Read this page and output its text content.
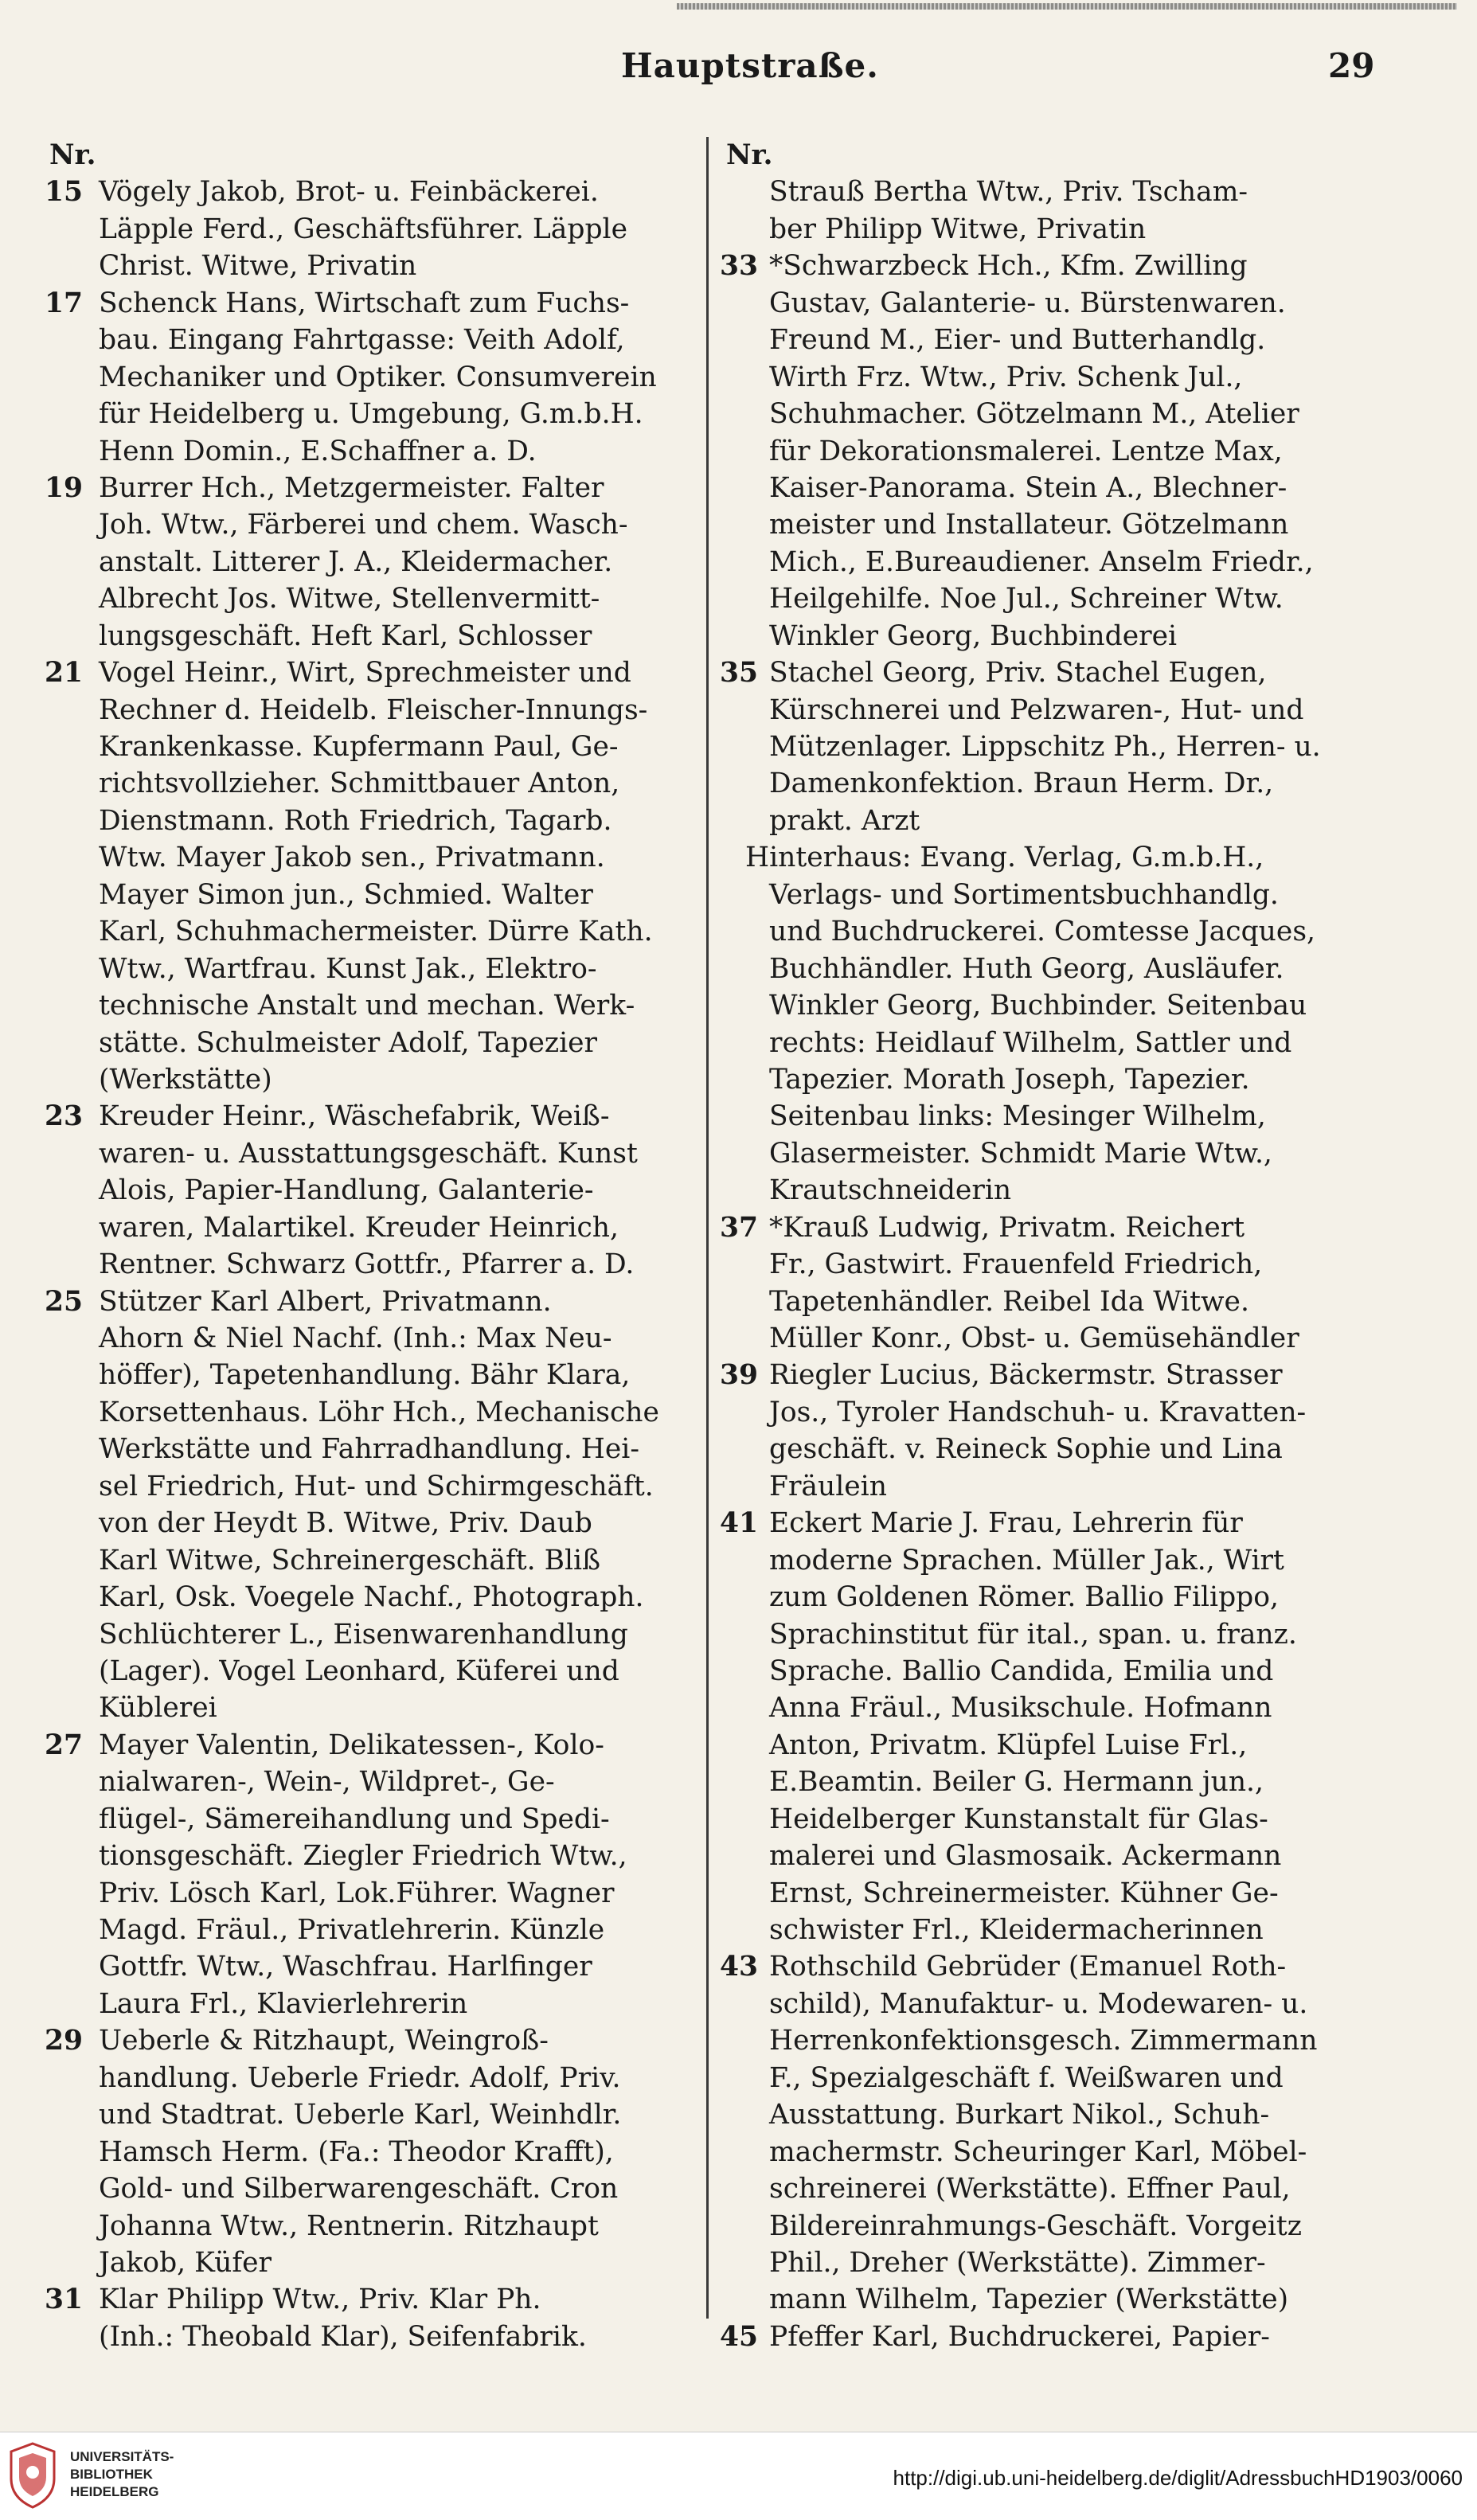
Hauptstraße.	29
Nr.
15 Vögely Jakob, Brot- u. Feinbäckerei.
Läpple Ferd., Geschäftsführer. Läpple
Christ. Witwe, Privatin
17 Schenck Hans, Wirtschaft zum Fuchs-
bau. Eingang Fahrtgasse: Veith Adolf,
Mechaniker und Optiker. Consumverein
für Heidelberg u. Umgebung, G.m.b.H.
Henn Domin., E.Schaffner a. D.
19 Burrer Hch., Metzgermeister. Falter
Joh. Wtw., Färberei und chem. Wasch-
anstalt. Litterer J. A., Kleidermacher.
Albrecht Jos. Witwe, Stellenvermitt-
lungsgeschäft. Heft Karl, Schlosser
21 Vogel Heinr., Wirt, Sprechmeister und
Rechner d. Heidelb. Fleischer-Innungs-
Krankenkasse. Kupfermann Paul, Ge-
richtsvollzieher. Schmittbauer Anton,
Dienstmann. Roth Friedrich, Tagarb.
Wtw. Mayer Jakob sen., Privatmann.
Mayer Simon jun., Schmied. Walter
Karl, Schuhmachermeister. Dürre Kath.
Wtw., Wartfrau. Kunst Jak., Elektro-
technische Anstalt und mechan. Werk-
stätte. Schulmeister Adolf, Tapezier
(Werkstätte)
23 Kreuder Heinr., Wäschefabrik, Weiß-
waren- u. Ausstattungsgeschäft. Kunst
Alois, Papier-Handlung, Galanterie-
waren, Malartikel. Kreuder Heinrich,
Rentner. Schwarz Gottfr., Pfarrer a. D.
25 Stützer Karl Albert, Privatmann.
Ahorn & Niel Nachf. (Inh.: Max Neu-
höffer), Tapetenhandlung. Bähr Klara,
Korsettenhaus. Löhr Hch., Mechanische
Werkstätte und Fahrradhandlung. Hei-
sel Friedrich, Hut- und Schirmgeschäft.
von der Heydt B. Witwe, Priv. Daub
Karl Witwe, Schreinergeschäft. Bliß
Karl, Osk. Voegele Nachf., Photograph.
Schlüchterer L., Eisenwarenhandlung
(Lager). Vogel Leonhard, Küferei und
Küblerei
27 Mayer Valentin, Delikatessen-, Kolo-
nialwaren-, Wein-, Wildpret-, Ge-
flügel-, Sämereihandlung und Spedi-
tionsgeschäft. Ziegler Friedrich Wtw.,
Priv. Lösch Karl, Lok.Führer. Wagner
Magd. Fräul., Privatlehrerin. Künzle
Gottfr. Wtw., Waschfrau. Harlfinger
Laura Frl., Klavierlehrerin
29 Ueberle & Ritzhaupt, Weingroß-
handlung. Ueberle Friedr. Adolf, Priv.
und Stadtrat. Ueberle Karl, Weinhdlr.
Hamsch Herm. (Fa.: Theodor Krafft),
Gold- und Silberwarengeschäft. Cron
Johanna Wtw., Rentnerin. Ritzhaupt
Jakob, Küfer
31 Klar Philipp Wtw., Priv. Klar Ph.
(Inh.: Theobald Klar), Seifenfabrik.
Nr.
Strauß Bertha Wtw., Priv. Tscham-
ber Philipp Witwe, Privatin
33 *Schwarzbeck Hch., Kfm. Zwilling
Gustav, Galanterie- u. Bürstenwaren.
Freund M., Eier- und Butterhandlg.
Wirth Frz. Wtw., Priv. Schenk Jul.,
Schuhmacher. Götzelmann M., Atelier
für Dekorationsmalerei. Lentze Max,
Kaiser-Panorama. Stein A., Blechner-
meister und Installateur. Götzelmann
Mich., E.Bureaudiener. Anselm Friedr.,
Heilgehilfe. Noe Jul., Schreiner Wtw.
Winkler Georg, Buchbinderei
35 Stachel Georg, Priv. Stachel Eugen,
Kürschnerei und Pelzwaren-, Hut- und
Mützenlager. Lippschitz Ph., Herren- u.
Damenkonfektion. Braun Herm. Dr.,
prakt. Arzt
Hinterhaus: Evang. Verlag, G.m.b.H.,
Verlags- und Sortimentsbuchhandlg.
und Buchdruckerei. Comtesse Jacques,
Buchhändler. Huth Georg, Ausläufer.
Winkler Georg, Buchbinder. Seitenbau
rechts: Heidlauf Wilhelm, Sattler und
Tapezier. Morath Joseph, Tapezier.
Seitenbau links: Mesinger Wilhelm,
Glasermeister. Schmidt Marie Wtw.,
Krautschneiderin
37 *Krauß Ludwig, Privatm. Reichert
Fr., Gastwirt. Frauenfeld Friedrich,
Tapetenhändler. Reibel Ida Witwe.
Müller Konr., Obst- u. Gemüsehändler
39 Riegler Lucius, Bäckermstr. Strasser
Jos., Tyroler Handschuh- u. Kravatten-
geschäft. v. Reineck Sophie und Lina
Fräulein
41 Eckert Marie J. Frau, Lehrerin für
moderne Sprachen. Müller Jak., Wirt
zum Goldenen Römer. Ballio Filippo,
Sprachinstitut für ital., span. u. franz.
Sprache. Ballio Candida, Emilia und
Anna Fräul., Musikschule. Hofmann
Anton, Privatm. Klüpfel Luise Frl.,
E.Beamtin. Beiler G. Hermann jun.,
Heidelberger Kunstanstalt für Glas-
malerei und Glasmosaik. Ackermann
Ernst, Schreinermeister. Kühner Ge-
schwister Frl., Kleidermacherinnen
43 Rothschild Gebrüder (Emanuel Roth-
schild), Manufaktur- u. Modewaren- u.
Herrenkonfektionsgesch. Zimmermann
F., Spezialgeschäft f. Weißwaren und
Ausstattung. Burkart Nikol., Schuh-
machermstr. Scheuringer Karl, Möbel-
schreinerei (Werkstätte). Effner Paul,
Bildereinrahmungs-Geschäft. Vorgeitz
Phil., Dreher (Werkstätte). Zimmer-
mann Wilhelm, Tapezier (Werkstätte)
45 Pfeffer Karl, Buchdruckerei, Papier-
UNIVERSITÄTS-
BIBLIOTHEK
HEIDELBERG
http://digi.ub.uni-heidelberg.de/diglit/AdressbuchHD1903/0060
